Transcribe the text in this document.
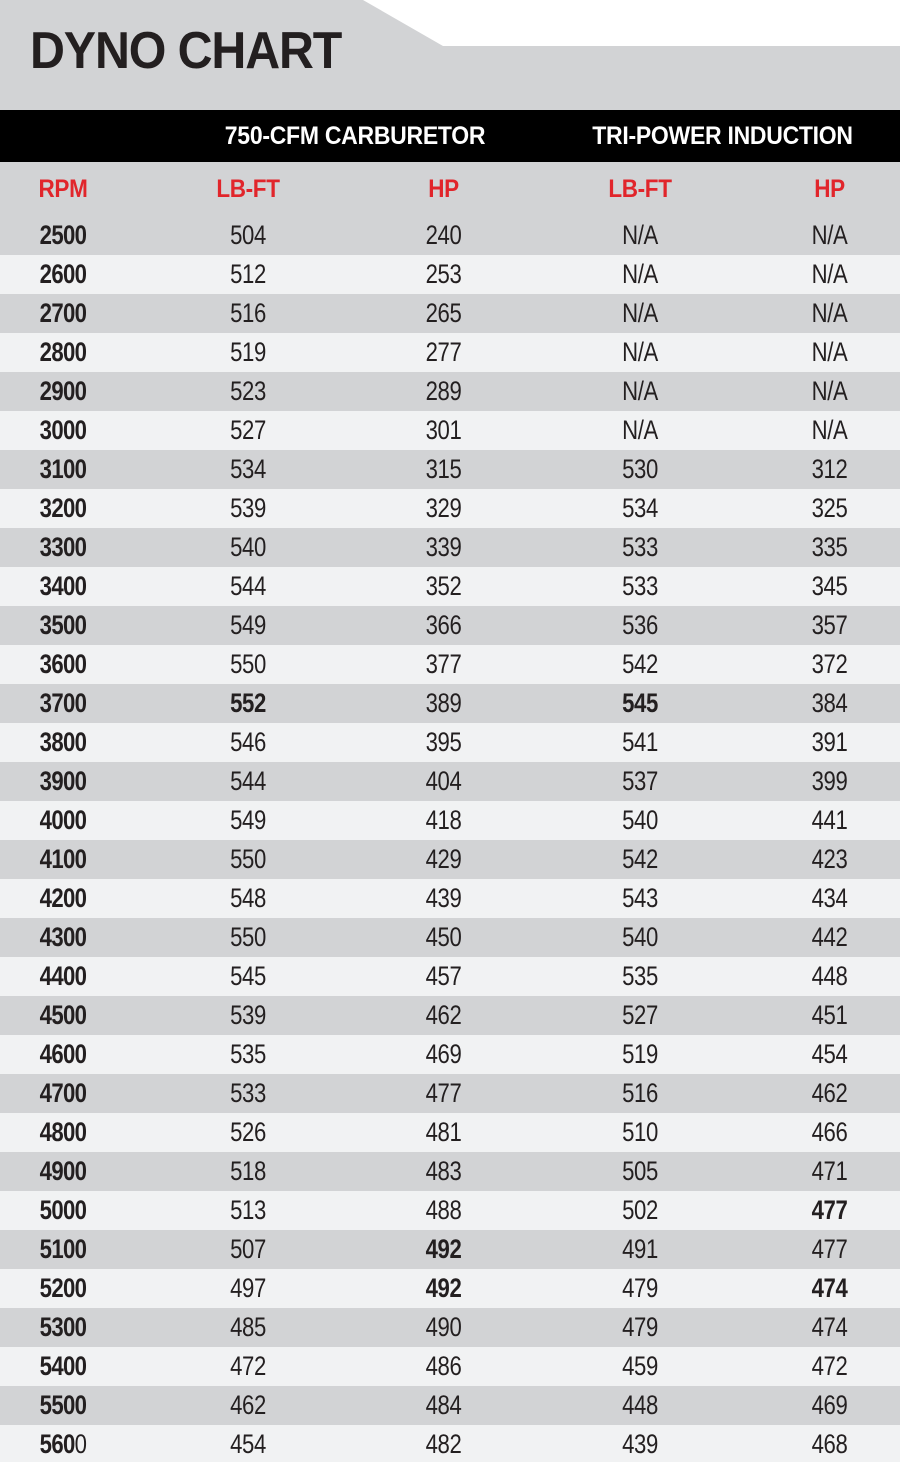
DYNO CHART
750-CFM CARBURETOR	TRI-POWER INDUCTION
RPM	LB-FT	HP	LB-FT	HP
2500	504	240	N/A	N/A
2600	512	253	N/A	N/A
2700	516	265	N/A	N/A
2800	519	277	N/A	N/A
2900	523	289	N/A	N/A
3000	527	301	N/A	N/A
3100	534	315	530	312
3200	539	329	534	325
3300	540	339	533	335
3400	544	352	533	345
3500	549	366	536	357
3600	550	377	542	372
3700	552	389	545	384
3800	546	395	541	391
3900	544	404	537	399
4000	549	418	540	441
4100	550	429	542	423
4200	548	439	543	434
4300	550	450	540	442
4400	545	457	535	448
4500	539	462	527	451
4600	535	469	519	454
4700	533	477	516	462
4800	526	481	510	466
4900	518	483	505	471
5000	513	488	502	477
5100	507	492	491	477
5200	497	492	479	474
5300	485	490	479	474
5400	472	486	459	472
5500	462	484	448	469
560 0	454	482	439	468
